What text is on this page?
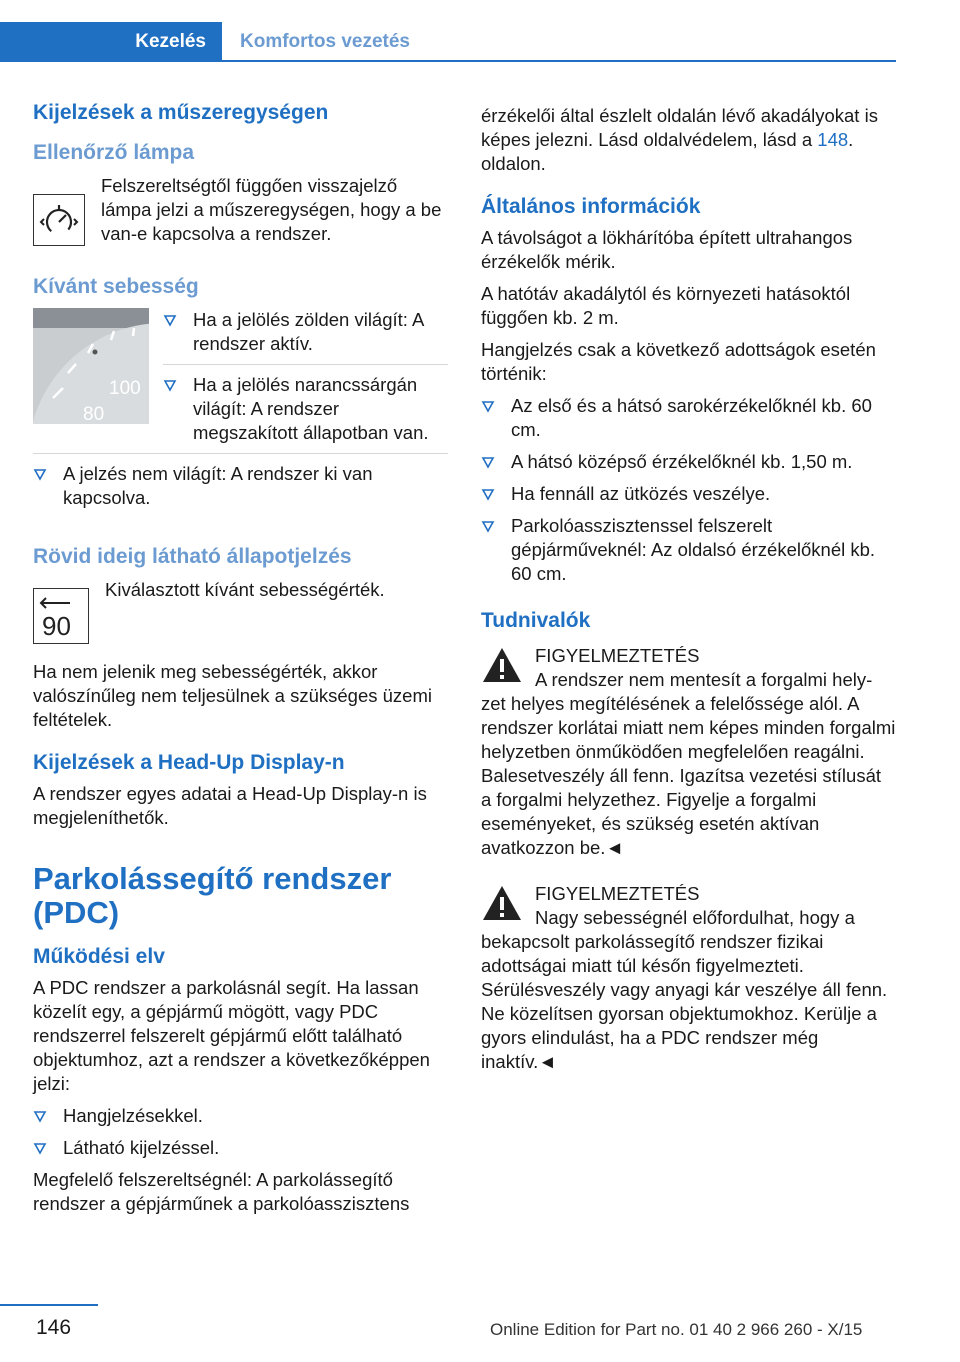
Kezelés	Komfortos vezetés
Kijelzések a műszeregységen
Ellenőrző lámpa
Felszereltségtől függően visszajelző lámpa jelzi a műszeregységen, hogy a be van-e kapcsolva a rendszer.
Kívánt sebesség
100
80
Ha a jelölés zölden világít: A rendszer aktív.
Ha a jelölés narancssárgán világít: A rendszer megszakított állapotban van.
A jelzés nem világít: A rendszer ki van kapcsolva.
Rövid ideig látható állapotjelzés
90
Kiválasztott kívánt sebességérték.

Ha nem jelenik meg sebességérték, akkor valószínűleg nem teljesülnek a szükséges üzemi feltételek.

Kijelzések a Head-Up Display-n

A rendszer egyes adatai a Head-Up Display-n is megjeleníthetők.

Parkolássegítő rendszer (PDC)
Működési elv

A PDC rendszer a parkolásnál segít. Ha lassan közelít egy, a gépjármű mögött, vagy PDC rendszerrel felszerelt gépjármű előtt található objektumhoz, azt a rendszer a következőképpen jelzi:

Hangjelzésekkel.
Látható kijelzéssel.

Megfelelő felszereltségnél: A parkolássegítő rendszer a gépjárműnek a parkolóasszisztens

érzékelői által észlelt oldalán lévő akadályokat is képes jelezni. Lásd oldalvédelem, lásd a 148. oldalon.

Általános információk

A távolságot a lökhárítóba épített ultrahangos érzékelők mérik.

A hatótáv akadálytól és környezeti hatásoktól függően kb. 2 m.

Hangjelzés csak a következő adottságok esetén történik:

Az első és a hátsó sarokérzékelőknél kb. 60 cm.
A hátsó középső érzékelőknél kb. 1,50 m.
Ha fennáll az ütközés veszélye.
Parkolóasszisztenssel felszerelt gépjárműveknél: Az oldalsó érzékelőknél kb. 60 cm.
Tudnivalók
FIGYELMEZTETÉS
A rendszer nem mentesít a forgalmi hely-
zet helyes megítélésének a felelőssége alól. A rendszer korlátai miatt nem képes minden forgalmi helyzetben önműködően megfelelően reagálni. Balesetveszély áll fenn. Igazítsa vezetési stílusát a forgalmi helyzethez. Figyelje a forgalmi eseményeket, és szükség esetén aktívan avatkozzon be.◄
FIGYELMEZTETÉS
Nagy sebességnél előfordulhat, hogy a
bekapcsolt parkolássegítő rendszer fizikai adottságai miatt túl későn figyelmezteti. Sérülésveszély vagy anyagi kár veszélye áll fenn. Ne közelítsen gyorsan objektumokhoz. Kerülje a gyors elindulást, ha a PDC rendszer még inaktív.◄
146	Online Edition for Part no. 01 40 2 966 260 - X/15
